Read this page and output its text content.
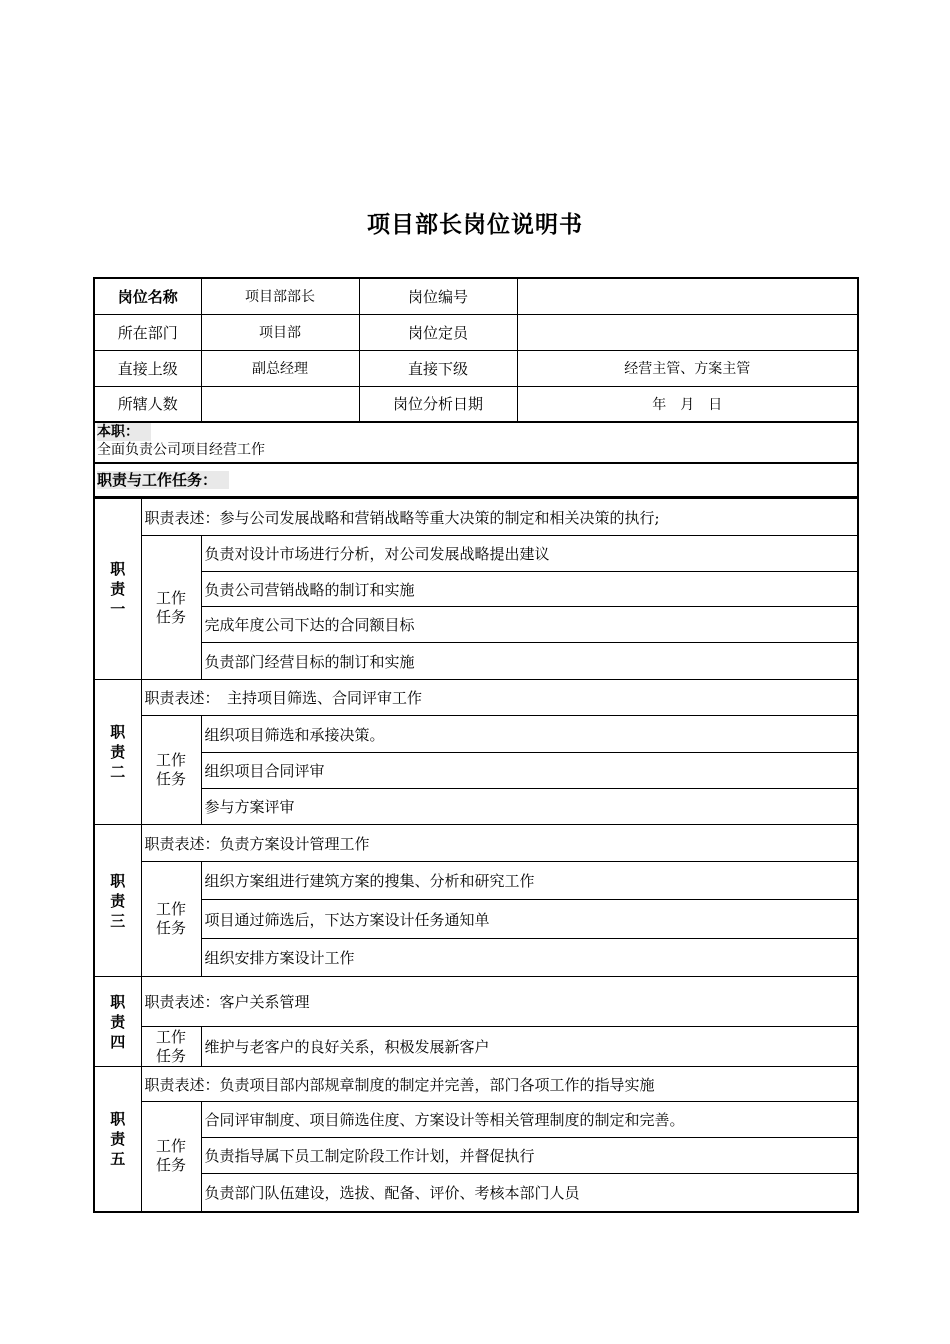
项目部长岗位说明书
岗位名称	项目部部长	岗位编号	
所在部门	项目部	岗位定员	
直接上级	副总经理	直接下级	经营主管、方案主管
所辖人数		岗位分析日期	年　月　日

本职：
全面负责公司项目经营工作			

职责与工作任务：			
职
责
一	职责表述：参与公司发展战略和营销战略等重大决策的制定和相关决策的执行;	

	工作
任务	负责对设计市场进行分析，对公司发展战略提出建议
		负责公司营销战略的制订和实施
		完成年度公司下达的合同额目标
		负责部门经营目标的制订和实施

职
责
二	职责表述：　主持项目筛选、合同评审工作	

	工作
任务	组织项目筛选和承接决策。
		组织项目合同评审
		参与方案评审

职
责
三	职责表述：负责方案设计管理工作	

	工作
任务	组织方案组进行建筑方案的搜集、分析和研究工作
		项目通过筛选后，下达方案设计任务通知单
		组织安排方案设计工作

职
责
四	职责表述：客户关系管理	

	工作
任务	维护与老客户的良好关系，积极发展新客户

职
责
五	职责表述：负责项目部内部规章制度的制定并完善，部门各项工作的指导实施	

	工作
任务	合同评审制度、项目筛选住度、方案设计等相关管理制度的制定和完善。
		负责指导属下员工制定阶段工作计划，并督促执行
		负责部门队伍建设，选拔、配备、评价、考核本部门人员
